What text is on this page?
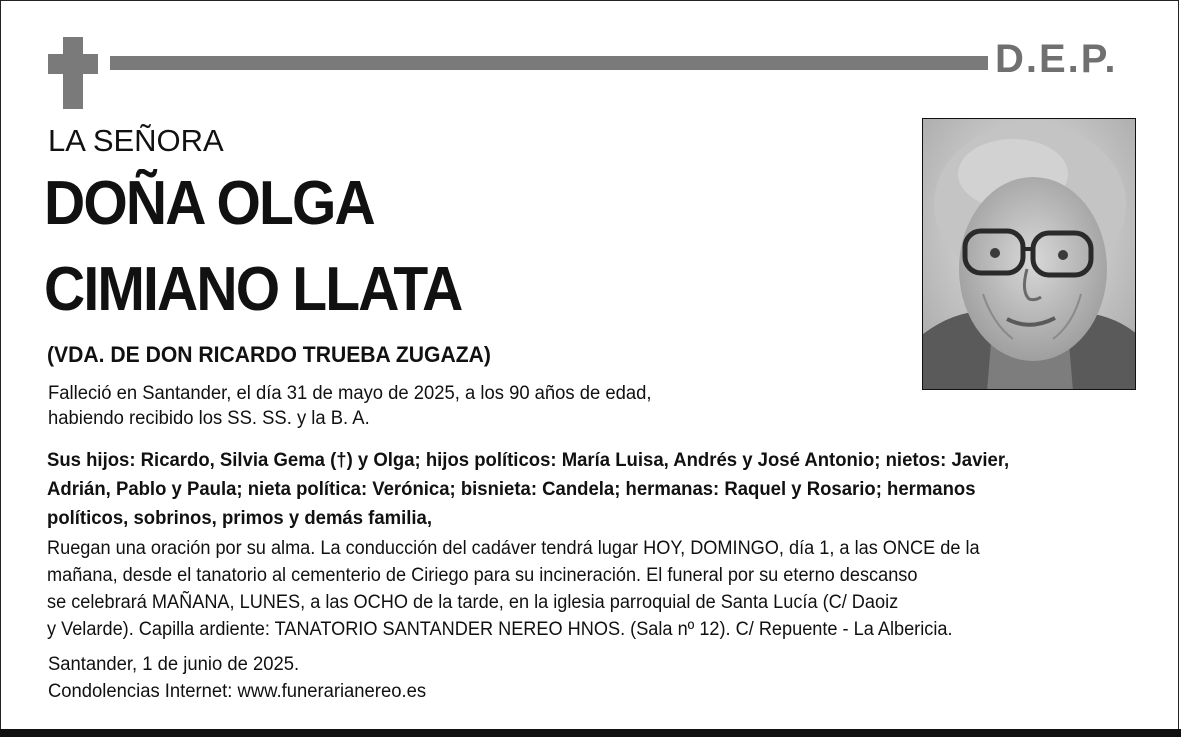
D.E.P.
LA SEÑORA
DOÑA OLGA
CIMIANO LLATA
(VDA. DE DON RICARDO TRUEBA ZUGAZA)
Falleció en Santander, el día 31 de mayo de 2025, a los 90 años de edad,
habiendo recibido los SS. SS. y la B. A.
Sus hijos: Ricardo, Silvia Gema (†) y Olga; hijos políticos: María Luisa, Andrés y José Antonio; nietos: Javier,
Adrián, Pablo y Paula; nieta política: Verónica; bisnieta: Candela; hermanas: Raquel y Rosario; hermanos
políticos, sobrinos, primos y demás familia,
Ruegan una oración por su alma. La conducción del cadáver tendrá lugar HOY, DOMINGO, día 1, a las ONCE de la
mañana, desde el tanatorio al cementerio de Ciriego para su incineración. El funeral por su eterno descanso
se celebrará MAÑANA, LUNES, a las OCHO de la tarde, en la iglesia parroquial de Santa Lucía (C/ Daoiz
y Velarde). Capilla ardiente: TANATORIO SANTANDER NEREO HNOS. (Sala nº 12). C/ Repuente - La Albericia.
Santander, 1 de junio de 2025.
Condolencias Internet: www.funerarianereo.es
